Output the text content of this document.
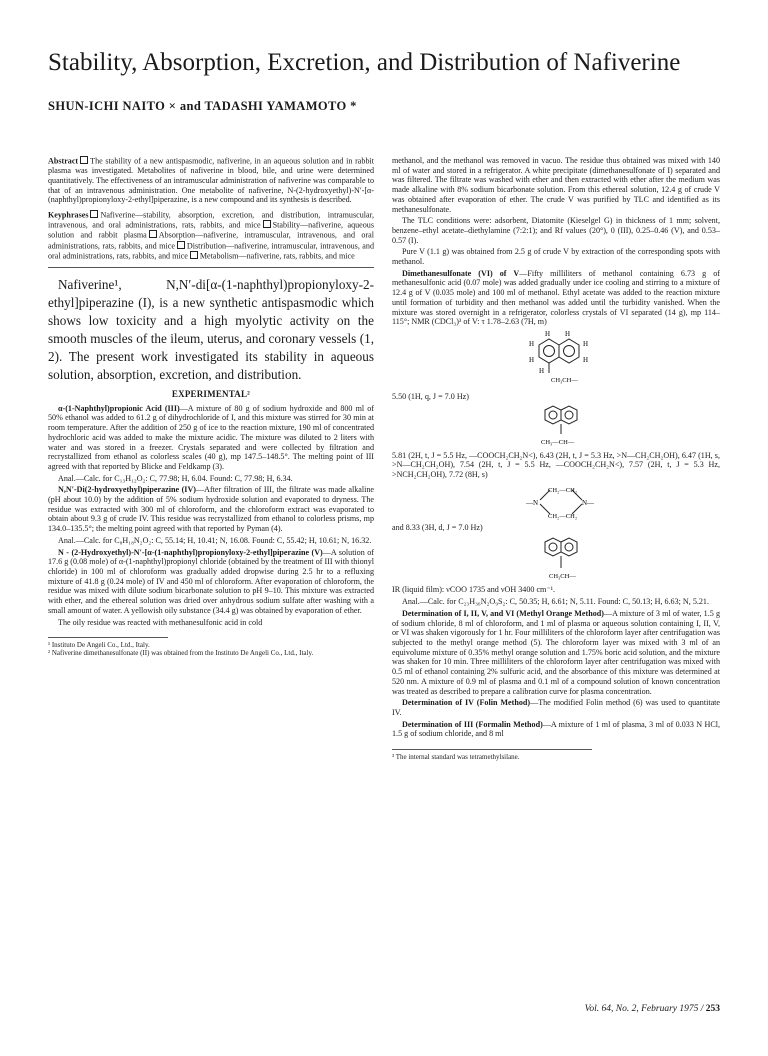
Stability, Absorption, Excretion, and Distribution of Nafiverine
SHUN-ICHI NAITO × and TADASHI YAMAMOTO *

Abstract The stability of a new antispasmodic, nafiverine, in an aqueous solution and in rabbit plasma was investigated. Metabolites of nafiverine in blood, bile, and urine were determined quantitatively. The effectiveness of an intramuscular administration of nafiverine was comparable to that of an intravenous administration. One metabolite of nafiverine, N-(2-hydroxyethyl)-N′-[α-(naphthyl)propionyloxy-2-ethyl]piperazine, is a new compound and its synthesis is described.

Keyphrases Nafiverine—stability, absorption, excretion, and distribution, intramuscular, intravenous, and oral administrations, rats, rabbits, and mice Stability—nafiverine, aqueous solution and rabbit plasma Absorption—nafiverine, intramuscular, intravenous, and oral administrations, rats, rabbits, and mice Distribution—nafiverine, intramuscular, intravenous, and oral administrations, rats, rabbits, and mice Metabolism—nafiverine, rats, rabbits, and mice

Nafiverine¹, N,N′-di[α-(1-naphthyl)propionyloxy-2-ethyl]piperazine (I), is a new synthetic antispasmodic which shows low toxicity and a high myolytic activity on the smooth muscles of the ileum, uterus, and coronary vessels (1, 2). The present work investigated its stability in aqueous solution, absorption, excretion, and distribution.
EXPERIMENTAL²

α-(1-Naphthyl)propionic Acid (III)—A mixture of 80 g of sodium hydroxide and 800 ml of 50% ethanol was added to 61.2 g of dihydrochloride of I, and this mixture was stirred for 30 min at room temperature. After the addition of 250 g of ice to the reaction mixture, 190 ml of concentrated hydrochloric acid was added to make the mixture acidic. The mixture was diluted to 2 liters with water and was stored in a freezer. Crystals separated and were collected by filtration and recrystallized from ethanol as colorless scales (40 g), mp 147.5–148.5°. The melting point of III agreed with that reported by Blicke and Feldkamp (3).

Anal.—Calc. for C₁₃H₁₂O₂: C, 77.98; H, 6.04. Found: C, 77.98; H, 6.34.

N,N′-Di(2-hydroxyethyl)piperazine (IV)—After filtration of III, the filtrate was made alkaline (pH about 10.0) by the addition of 5% sodium hydroxide solution and evaporated to dryness. The residue was extracted with 300 ml of chloroform, and the chloroform extract was evaporated to obtain about 9.3 g of crude IV. This residue was recrystallized from ethanol to colorless prisms, mp 134.0–135.5°; the melting point agreed with that reported by Pyman (4).

Anal.—Calc. for C₈H₁₈N₂O₂: C, 55.14; H, 10.41; N, 16.08. Found: C, 55.42; H, 10.61; N, 16.32.

N - (2-Hydroxyethyl)-N′-[α-(1-naphthyl)propionyloxy-2-ethyl]piperazine (V)—A solution of 17.6 g (0.08 mole) of α-(1-naphthyl)propionyl chloride (obtained by the treatment of III with thionyl chloride) in 100 ml of chloroform was gradually added dropwise during 2.5 hr to a refluxing mixture of 41.8 g (0.24 mole) of IV and 450 ml of chloroform. After evaporation of chloroform, the residue was mixed with dilute sodium bicarbonate solution to pH 9–10. This mixture was extracted with ether, and the ethereal solution was dried over anhydrous sodium sulfate after washing with a small amount of water. A yellowish oily substance (34.4 g) was obtained by evaporation of ether.

The oily residue was reacted with methanesulfonic acid in cold

¹ Instituto De Angeli Co., Ltd., Italy.

² Nafiverine dimethanesulfonate (II) was obtained from the Instituto De Angeli Co., Ltd., Italy.

methanol, and the methanol was removed in vacuo. The residue thus obtained was mixed with 140 ml of water and stored in a refrigerator. A white precipitate (dimethanesulfonate of I) separated and was filtered. The filtrate was washed with ether and then extracted with ether after the medium was made alkaline with 8% sodium bicarbonate solution. From this ethereal solution, 12.4 g of crude V was obtained after evaporation of ether. The crude V was purified by TLC and identified as its methanesulfonate.

The TLC conditions were: adsorbent, Diatomite (Kieselgel G) in thickness of 1 mm; solvent, benzene–ethyl acetate–diethylamine (7:2:1); and Rf values (20°), 0 (III), 0.25–0.46 (V), and 0.53–0.57 (I).

Pure V (1.1 g) was obtained from 2.5 g of crude V by extraction of the corresponding spots with methanol.

Dimethanesulfonate (VI) of V—Fifty milliliters of methanol containing 6.73 g of methanesulfonic acid (0.07 mole) was added gradually under ice cooling and stirring to a mixture of 12.4 g of V (0.035 mole) and 100 ml of methanol. Ethyl acetate was added to the reaction mixture until formation of turbidity and then methanol was added until the turbidity vanished. When the mixture was stored overnight in a refrigerator, colorless crystals of VI separated (14 g), mp 114–115°; NMR (CDCl₃)³ of V: τ 1.78–2.63 (7H, m)

H H
H	H
H	H
H
CH₃CH—

5.50 (1H, q, J = 7.0 Hz)

CH₃—CH—

5.81 (2H, t, J = 5.5 Hz, —COOCH₂CH₂N<), 6.43 (2H, t, J = 5.3 Hz, >N—CH₂CH₂OH), 6.47 (1H, s, >N—CH₂CH₂OH), 7.54 (2H, t, J = 5.5 Hz, —COOCH₂CH₂N<), 7.57 (2H, t, J = 5.3 Hz, >NCH₂CH₂OH), 7.72 (8H, s)

CH₂—CH₂
CH₂—CH₂
—N	N—

and 8.33 (3H, d, J = 7.0 Hz)

CH₃CH—

IR (liquid film): νCOO 1735 and νOH 3400 cm⁻¹.

Anal.—Calc. for C₂₃H₃₆N₂O₉S₂: C, 50.35; H, 6.61; N, 5.11. Found: C, 50.13; H, 6.63; N, 5.21.

Determination of I, II, V, and VI (Methyl Orange Method)—A mixture of 3 ml of water, 1.5 g of sodium chloride, 8 ml of chloroform, and 1 ml of plasma or aqueous solution containing I, II, V, or VI was shaken vigorously for 1 hr. Four milliliters of the chloroform layer after centrifugation was subjected to the methyl orange method (5). The chloroform layer was mixed with 3 ml of an equivolume mixture of 0.35% methyl orange solution and 1.75% boric acid solution, and the mixture was shaken for 10 min. Three milliliters of the chloroform layer after centrifugation was mixed with 0.5 ml of ethanol containing 2% sulfuric acid, and the absorbance of this mixture was determined at 520 nm. A mixture of 0.9 ml of plasma and 0.1 ml of a compound solution of known concentration was treated as described to prepare a calibration curve for plasma concentration.

Determination of IV (Folin Method)—The modified Folin method (6) was used to quantitate IV.

Determination of III (Formalin Method)—A mixture of 1 ml of plasma, 3 ml of 0.033 N HCl, 1.5 g of sodium chloride, and 8 ml

³ The internal standard was tetramethylsilane.

Vol. 64, No. 2, February 1975 / 253
